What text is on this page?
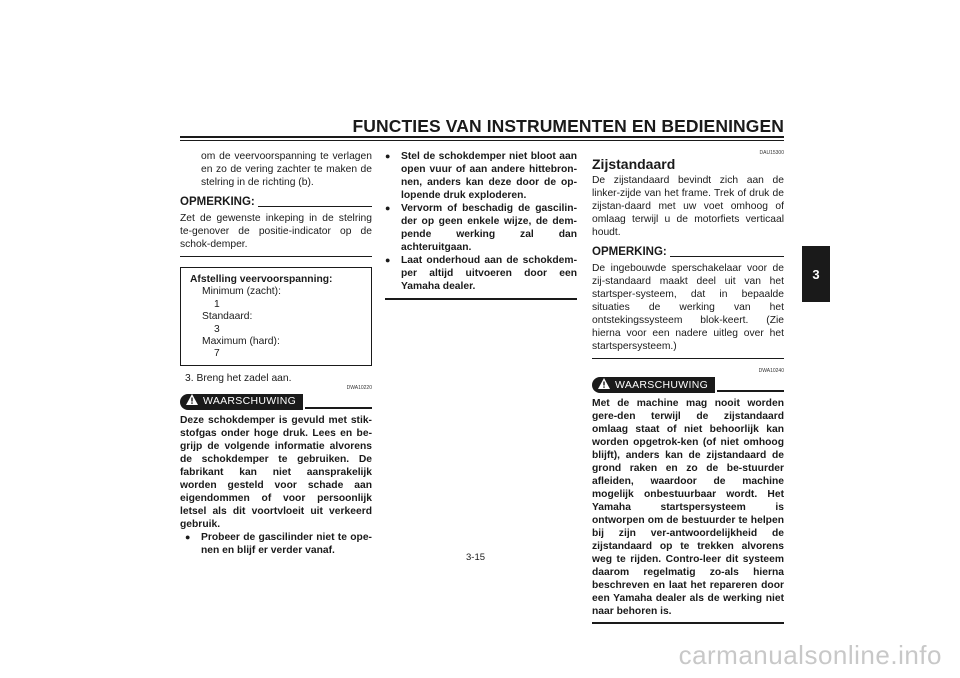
FUNCTIES VAN INSTRUMENTEN EN BEDIENINGEN
3

om de veervoorspanning te verlagen en zo de vering zachter te maken de stelring in de richting (b).

OPMERKING:

Zet de gewenste inkeping in de stelring te-genover de positie-indicator op de schok-demper.

Afstelling veervoorspanning:

Minimum (zacht):

1

Standaard:

3

Maximum (hard):

7

3. Breng het zadel aan.

DWA10220
WAARSCHUWING

Deze schokdemper is gevuld met stik-stofgas onder hoge druk. Lees en be-grijp de volgende informatie alvorens de schokdemper te gebruiken. De fabrikant kan niet aansprakelijk worden gesteld voor schade aan eigendommen of voor persoonlijk letsel als dit voortvloeit uit verkeerd gebruik.

●	Probeer de gascilinder niet te ope-nen en blijf er verder vanaf.
●	Stel de schokdemper niet bloot aan open vuur of aan andere hittebron-nen, anders kan deze door de op-lopende druk exploderen.
●	Vervorm of beschadig de gascilin-der op geen enkele wijze, de dem-pende werking zal dan achteruitgaan.
●	Laat onderhoud aan de schokdem-per altijd uitvoeren door een Yamaha dealer.
DAU15300
Zijstandaard

De zijstandaard bevindt zich aan de linker-zijde van het frame. Trek of druk de zijstan-daard met uw voet omhoog of omlaag terwijl u de motorfiets verticaal houdt.

OPMERKING:

De ingebouwde sperschakelaar voor de zij-standaard maakt deel uit van het startsper-systeem, dat in bepaalde situaties de werking van het ontstekingssysteem blok-keert. (Zie hierna voor een nadere uitleg over het startspersysteem.)

DWA10240
WAARSCHUWING

Met de machine mag nooit worden gere-den terwijl de zijstandaard omlaag staat of niet behoorlijk kan worden opgetrok-ken (of niet omhoog blijft), anders kan de zijstandaard de grond raken en zo de be-stuurder afleiden, waardoor de machine mogelijk onbestuurbaar wordt. Het Yamaha startspersysteem is ontworpen om de bestuurder te helpen bij zijn ver-antwoordelijkheid de zijstandaard op te trekken alvorens weg te rijden. Contro-leer dit systeem daarom regelmatig zo-als hierna beschreven en laat het repareren door een Yamaha dealer als de werking niet naar behoren is.

3-15
carmanualsonline.info
